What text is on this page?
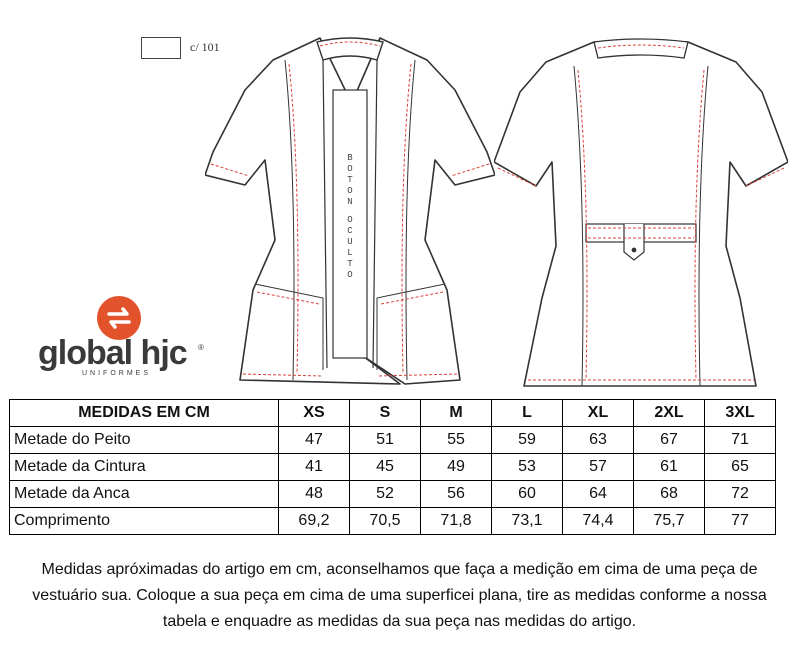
c/ 101
B
O
T
O
N
O
C
U
L
T
O
global hjc ®
UNIFORMES
MEDIDAS EM CM	XS	S	M	L	XL	2XL	3XL
Metade do Peito	47	51	55	59	63	67	71
Metade da Cintura	41	45	49	53	57	61	65
Metade da Anca	48	52	56	60	64	68	72
Comprimento	69,2	70,5	71,8	73,1	74,4	75,7	77
Medidas apróximadas do artigo em cm, aconselhamos que faça a medição em cima de uma peça de vestuário sua. Coloque a sua peça em cima de uma superficei plana, tire as medidas conforme a nossa tabela e enquadre as medidas da sua peça nas medidas do artigo.
